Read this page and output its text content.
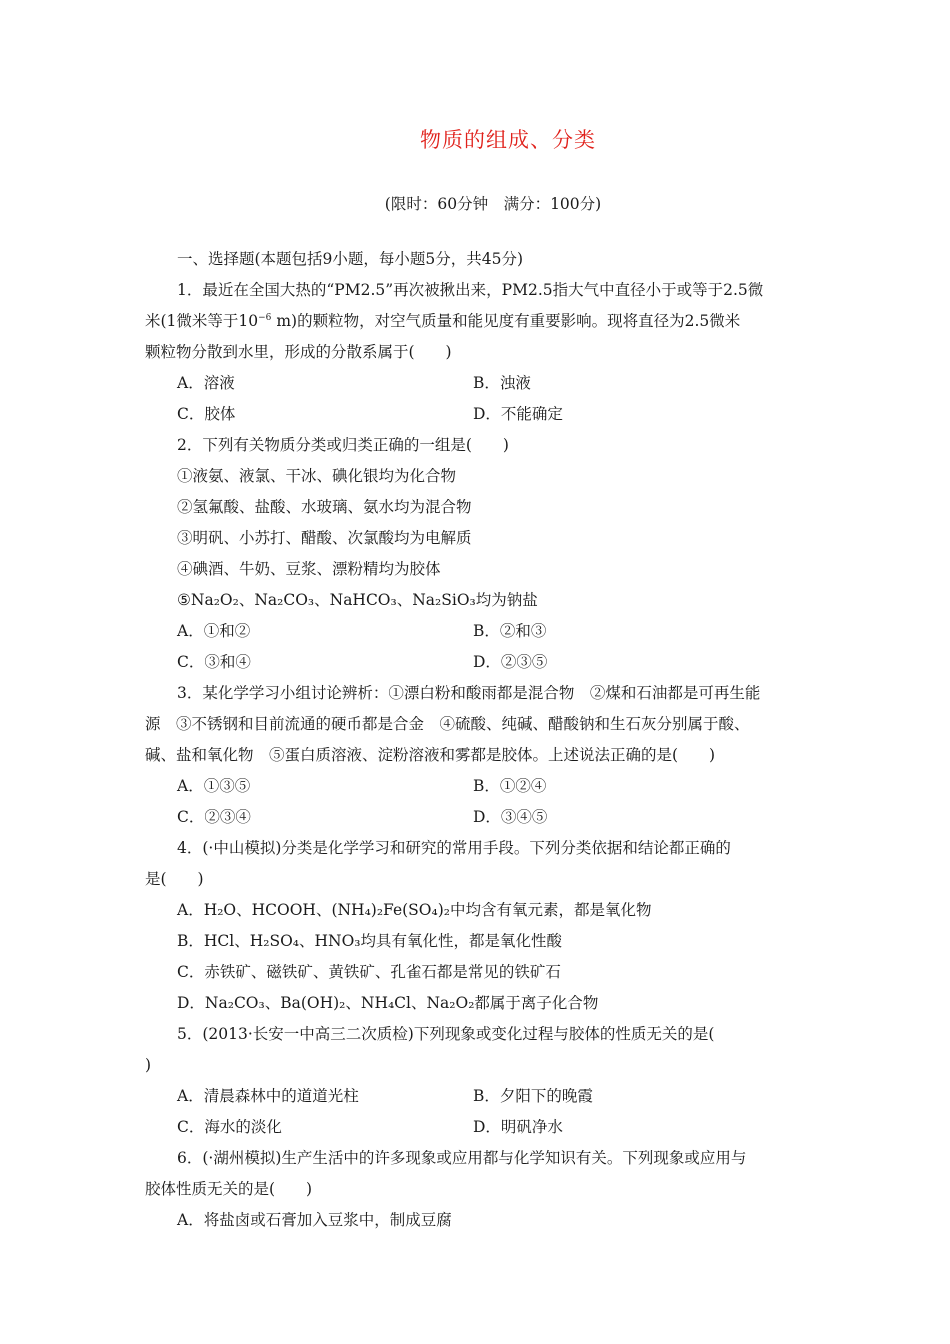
物质的组成、分类
(限时：60分钟　满分：100分)
一、选择题(本题包括9小题，每小题5分，共45分)
1．最近在全国大热的“PM2.5”再次被揪出来，PM2.5指大气中直径小于或等于2.5微
米(1微米等于$10^{-6}$ m)的颗粒物，对空气质量和能见度有重要影响。现将直径为2.5微米
颗粒物分散到水里，形成的分散系属于(　　)
A．溶液	B．浊液
C．胶体	D．不能确定
2．下列有关物质分类或归类正确的一组是(　　)
①液氨、液氯、干冰、碘化银均为化合物
②氢氟酸、盐酸、水玻璃、氨水均为混合物
③明矾、小苏打、醋酸、次氯酸均为电解质
④碘酒、牛奶、豆浆、漂粉精均为胶体
⑤Na₂O₂、Na₂CO₃、NaHCO₃、Na₂SiO₃均为钠盐
A．①和②	B．②和③
C．③和④	D．②③⑤
3．某化学学习小组讨论辨析：①漂白粉和酸雨都是混合物　②煤和石油都是可再生能
源　③不锈钢和目前流通的硬币都是合金　④硫酸、纯碱、醋酸钠和生石灰分别属于酸、
碱、盐和氧化物　⑤蛋白质溶液、淀粉溶液和雾都是胶体。上述说法正确的是(　　)
A．①③⑤	B．①②④
C．②③④	D．③④⑤
4．(·中山模拟)分类是化学学习和研究的常用手段。下列分类依据和结论都正确的
是(　　)
A．H₂O、HCOOH、(NH₄)₂Fe(SO₄)₂中均含有氧元素，都是氧化物
B．HCl、H₂SO₄、HNO₃均具有氧化性，都是氧化性酸
C．赤铁矿、磁铁矿、黄铁矿、孔雀石都是常见的铁矿石
D．Na₂CO₃、Ba(OH)₂、NH₄Cl、Na₂O₂都属于离子化合物
5．(2013·长安一中高三二次质检)下列现象或变化过程与胶体的性质无关的是(
)
A．清晨森林中的道道光柱	B．夕阳下的晚霞
C．海水的淡化	D．明矾净水
6．(·湖州模拟)生产生活中的许多现象或应用都与化学知识有关。下列现象或应用与
胶体性质无关的是(　　)
A．将盐卤或石膏加入豆浆中，制成豆腐
